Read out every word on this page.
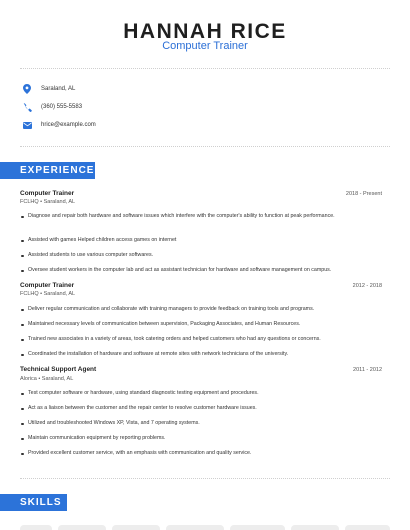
HANNAH RICE
Computer Trainer
Saraland, AL
(360) 555-5583
hrice@example.com
EXPERIENCE
Computer Trainer	2018 - Present
FCLHQ • Saraland, AL
Diagnose and repair both hardware and software issues which interfere with the computer's ability to function at peak performance.
Assisted with games Helped children access games on internet
Assisted students to use various computer softwares.
Oversee student workers in the computer lab and act as assistant technician for hardware and software management on campus.
Computer Trainer	2012 - 2018
FCLHQ • Saraland, AL
Deliver regular communication and collaborate with training managers to provide feedback on training tools and programs.
Maintained necessary levels of communication between supervision, Packaging Associates, and Human Resources.
Trained new associates in a variety of areas, took catering orders and helped customers who had any questions or concerns.
Coordinated the installation of hardware and software at remote sites with network technicians of the university.
Technical Support Agent	2011 - 2012
Alorica • Saraland, AL
Test computer software or hardware, using standard diagnostic testing equipment and procedures.
Act as a liaison between the customer and the repair center to resolve customer hardware issues.
Utilized and troubleshooted Windows XP, Vista, and 7 operating systems.
Maintain communication equipment by reporting problems.
Provided excellent customer service, with an emphasis with communication and quality service.
SKILLS
